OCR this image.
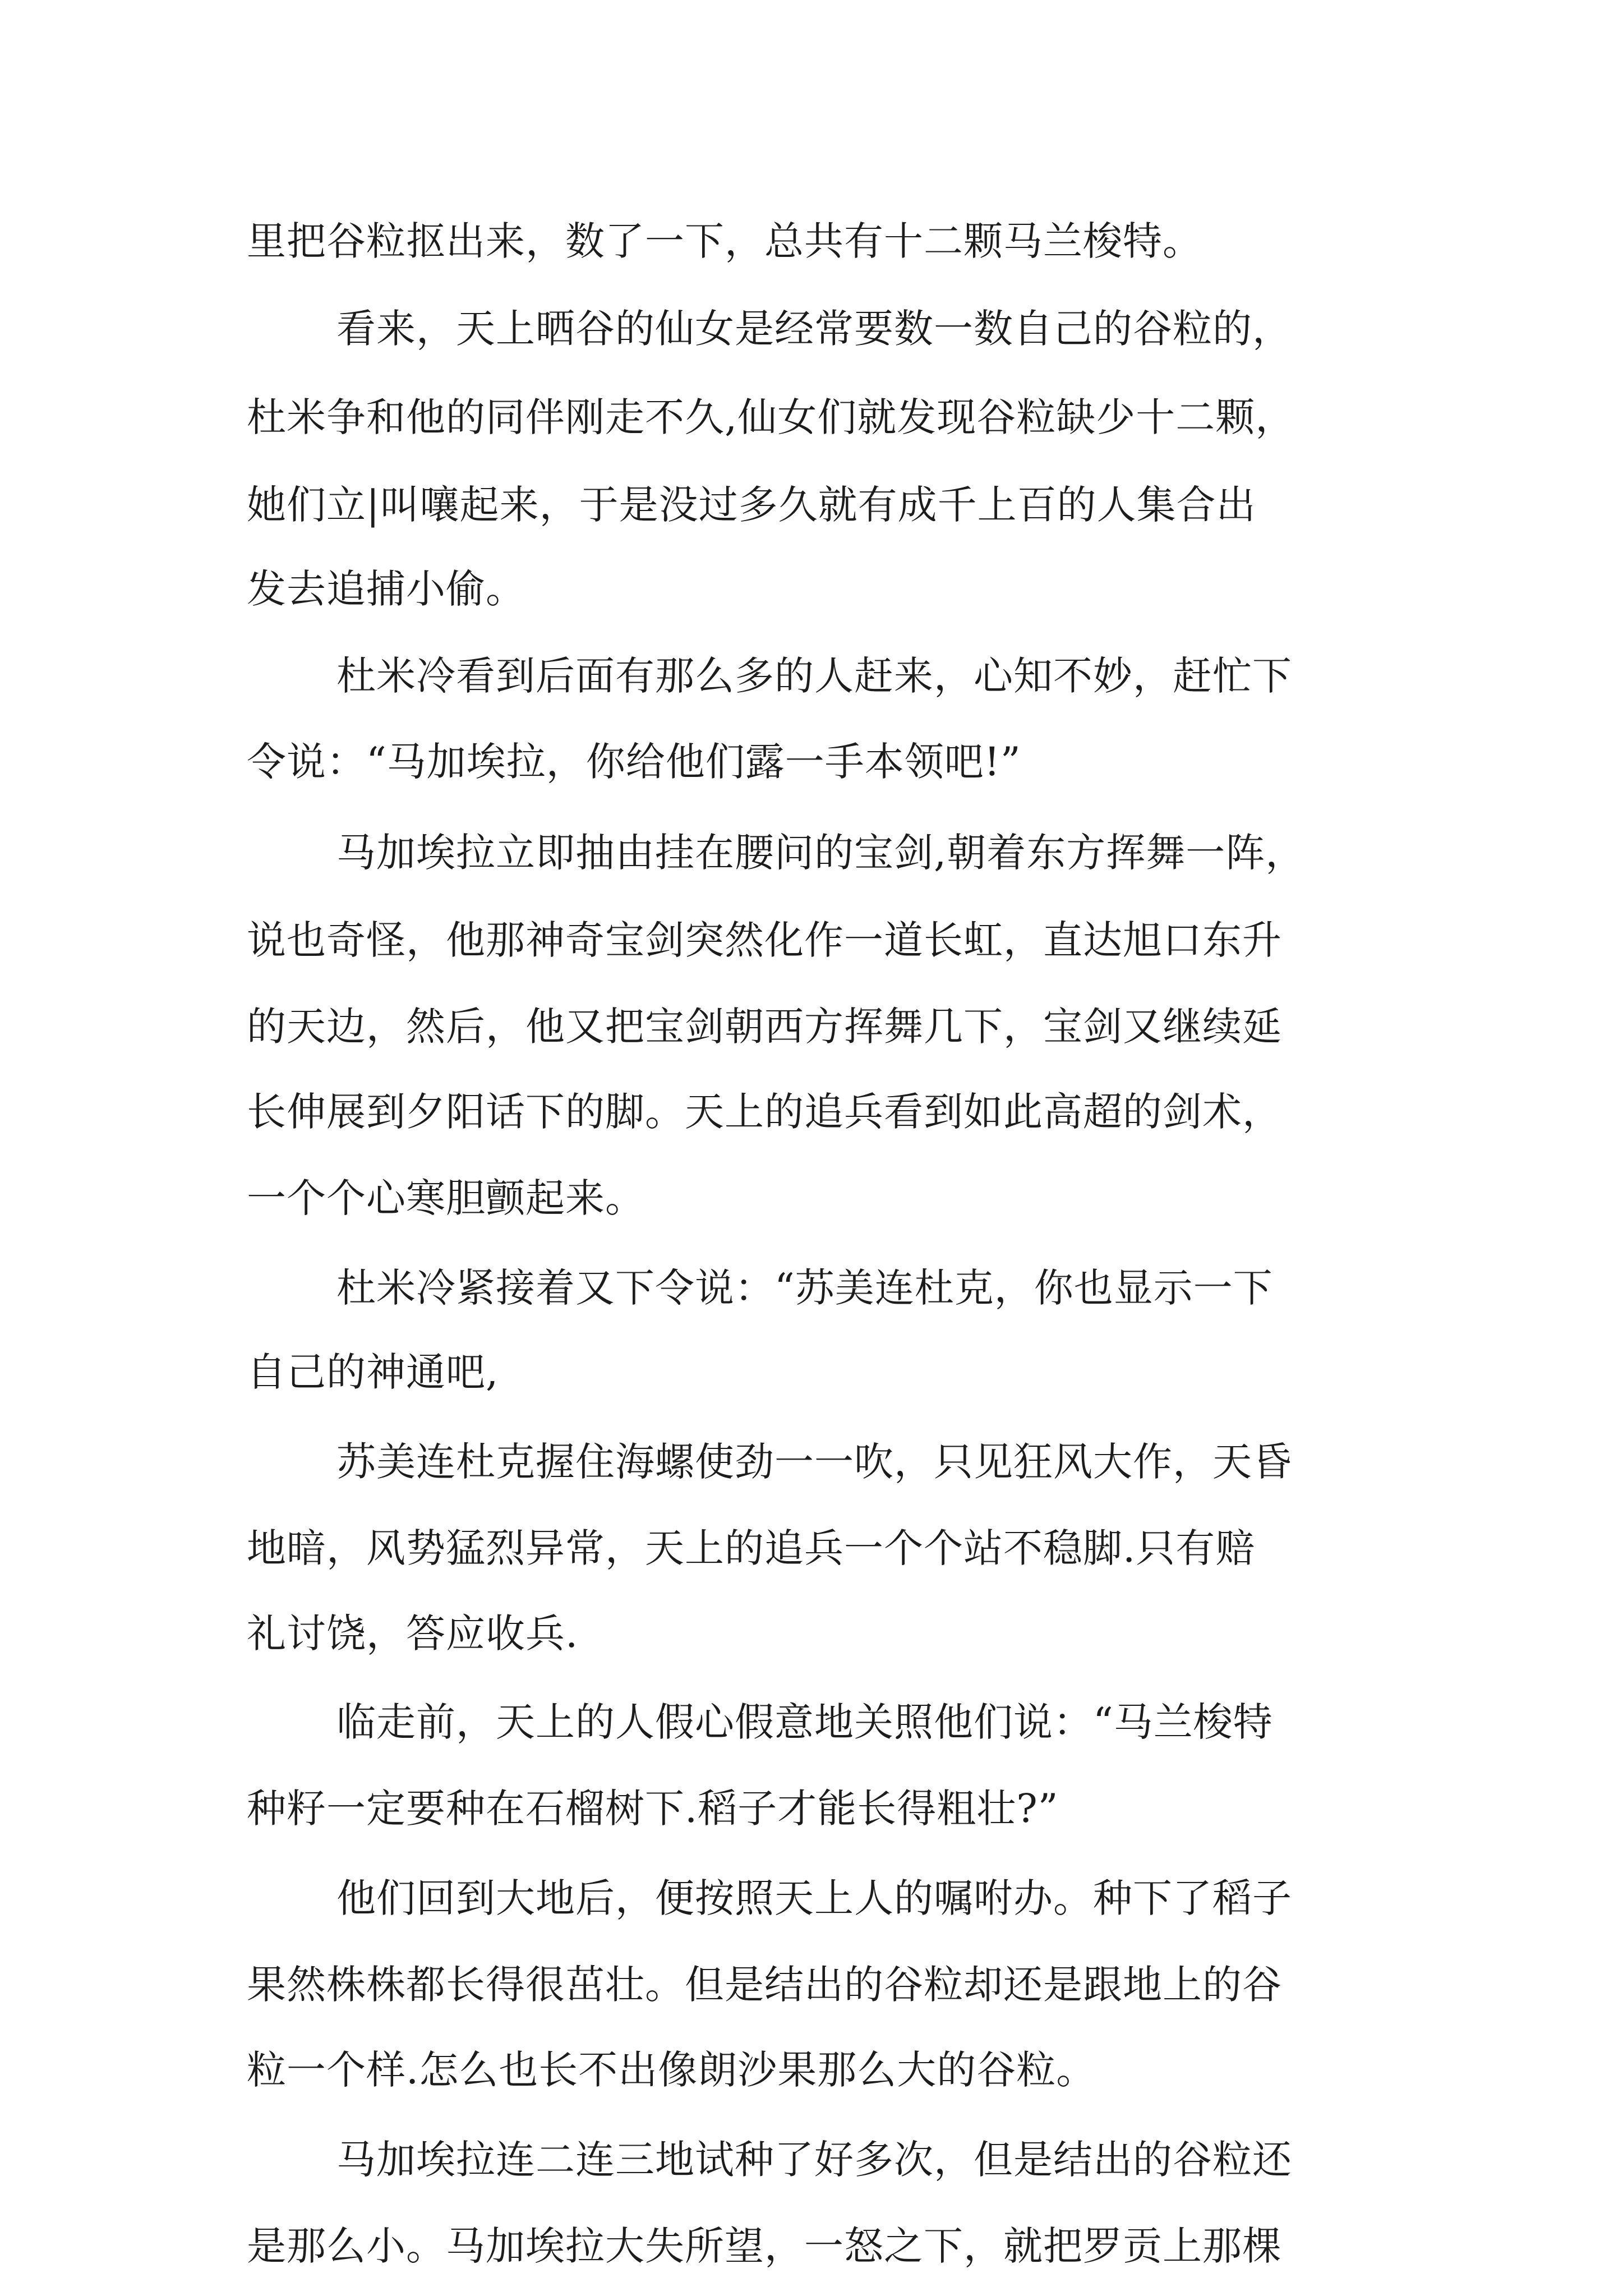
里把谷粒抠出来，数了一下，总共有十二颗马兰梭特。
看来，天上晒谷的仙女是经常要数一数自己的谷粒的，
杜米争和他的同伴刚走不久,仙女们就发现谷粒缺少十二颗，
她们立|叫嚷起来，于是没过多久就有成千上百的人集合出
发去追捕小偷。
杜米冷看到后面有那么多的人赶来，心知不妙，赶忙下
令说：“马加埃拉，你给他们露一手本领吧!”
马加埃拉立即抽由挂在腰问的宝剑,朝着东方挥舞一阵，
说也奇怪，他那神奇宝剑突然化作一道长虹，直达旭口东升
的天边，然后，他又把宝剑朝西方挥舞几下，宝剑又继续延
长伸展到夕阳话下的脚。天上的追兵看到如此高超的剑术，
一个个心寒胆颤起来。
杜米冷紧接着又下令说：“苏美连杜克，你也显示一下
自己的神通吧,
苏美连杜克握住海螺使劲一一吹，只见狂风大作，天昏
地暗，风势猛烈异常，天上的追兵一个个站不稳脚.只有赔
礼讨饶，答应收兵.
临走前，天上的人假心假意地关照他们说：“马兰梭特
种籽一定要种在石榴树下.稻子才能长得粗壮?”
他们回到大地后，便按照天上人的嘱咐办。种下了稻子
果然株株都长得很茁壮。但是结出的谷粒却还是跟地上的谷
粒一个样.怎么也长不出像朗沙果那么大的谷粒。
马加埃拉连二连三地试种了好多次，但是结出的谷粒还
是那么小。马加埃拉大失所望，一怒之下，就把罗贡上那棵
